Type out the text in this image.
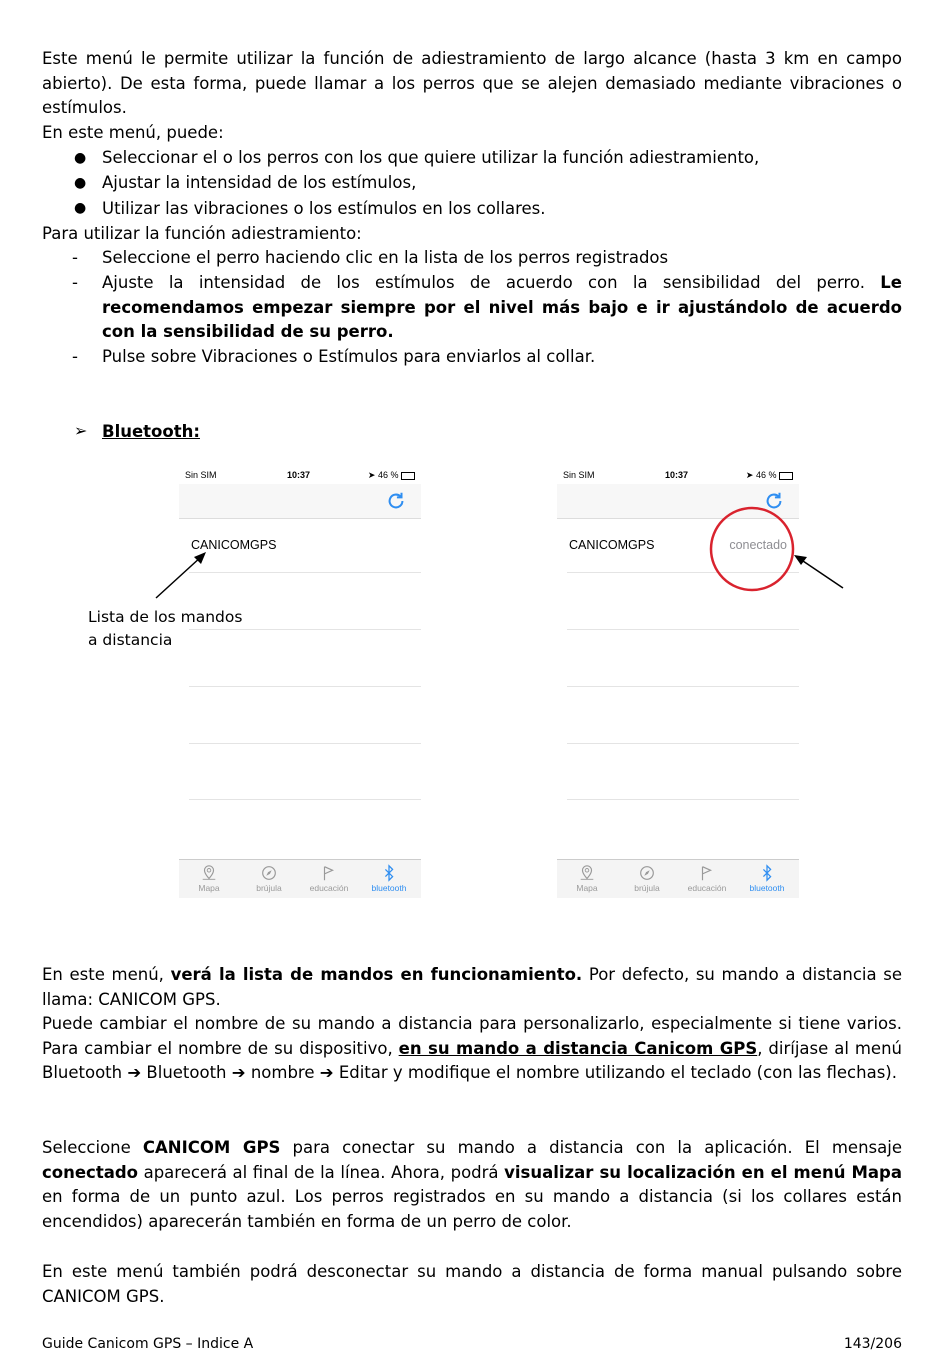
Este menú le permite utilizar la función de adiestramiento de largo alcance (hasta 3 km en campo abierto). De esta forma, puede llamar a los perros que se alejen demasiado mediante vibraciones o estímulos.

En este menú, puede:
● Seleccionar el o los perros con los que quiere utilizar la función adiestramiento,
● Ajustar la intensidad de los estímulos,
● Utilizar las vibraciones o los estímulos en los collares.
Para utilizar la función adiestramiento:
- Seleccione el perro haciendo clic en la lista de los perros registrados
- Ajuste la intensidad de los estímulos de acuerdo con la sensibilidad del perro. Le recomendamos empezar siempre por el nivel más bajo e ir ajustándolo de acuerdo con la sensibilidad de su perro.

- Pulse sobre Vibraciones o Estímulos para enviarlos al collar.
➢ Bluetooth:
Sin SIM	10:37	➤ 46 %
CANICOMGPS
Mapa	brújula	educación	bluetooth
Lista de los mandos
a distancia
Sin SIM	10:37	➤ 46 %
CANICOMGPS	conectado
Mapa	brújula	educación	bluetooth

En este menú, verá la lista de mandos en funcionamiento. Por defecto, su mando a distancia se llama: CANICOM GPS.

Puede cambiar el nombre de su mando a distancia para personalizarlo, especialmente si tiene varios. Para cambiar el nombre de su dispositivo, en su mando a distancia Canicom GPS, diríjase al menú Bluetooth ➔ Bluetooth ➔ nombre ➔ Editar y modifique el nombre utilizando el teclado (con las flechas).

Seleccione CANICOM GPS para conectar su mando a distancia con la aplicación. El mensaje conectado aparecerá al final de la línea. Ahora, podrá visualizar su localización en el menú Mapa en forma de un punto azul. Los perros registrados en su mando a distancia (si los collares están encendidos) aparecerán también en forma de un perro de color.

En este menú también podrá desconectar su mando a distancia de forma manual pulsando sobre CANICOM GPS.

Guide Canicom GPS – Indice A	143/206
